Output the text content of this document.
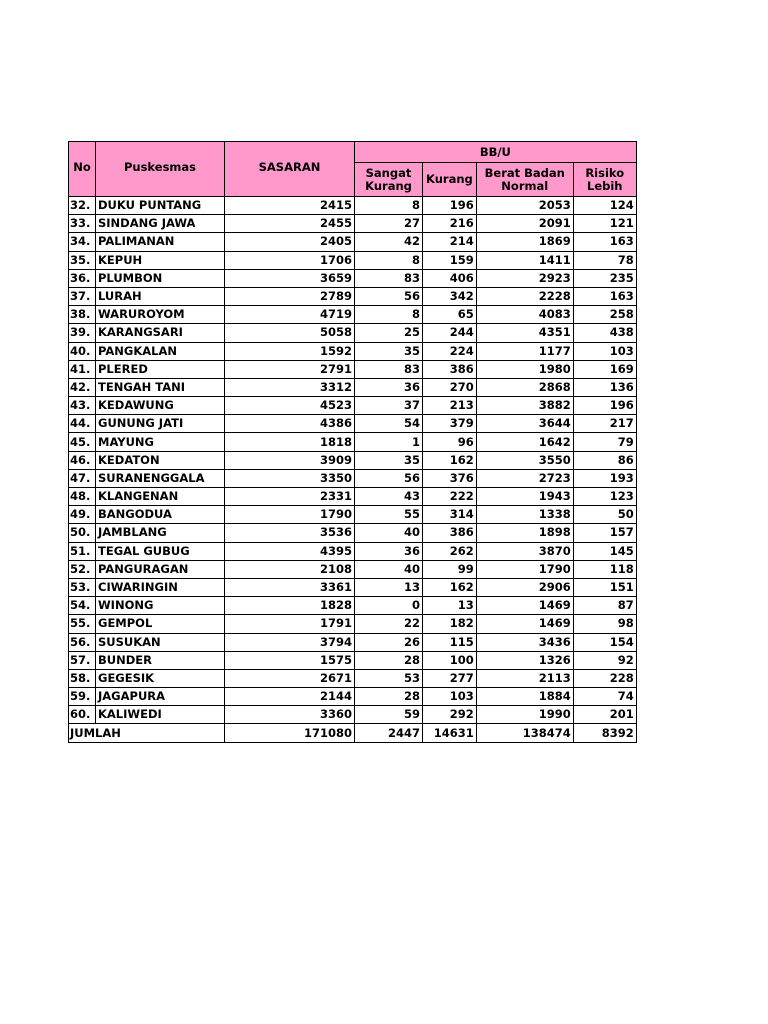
No	Puskesmas	SASARAN	BB/U			
			Sangat Kurang	Kurang	Berat Badan Normal	Risiko Lebih
32.	DUKU PUNTANG	2415	8	196	2053	124
33.	SINDANG JAWA	2455	27	216	2091	121
34.	PALIMANAN	2405	42	214	1869	163
35.	KEPUH	1706	8	159	1411	78
36.	PLUMBON	3659	83	406	2923	235
37.	LURAH	2789	56	342	2228	163
38.	WARUROYOM	4719	8	65	4083	258
39.	KARANGSARI	5058	25	244	4351	438
40.	PANGKALAN	1592	35	224	1177	103
41.	PLERED	2791	83	386	1980	169
42.	TENGAH TANI	3312	36	270	2868	136
43.	KEDAWUNG	4523	37	213	3882	196
44.	GUNUNG JATI	4386	54	379	3644	217
45.	MAYUNG	1818	1	96	1642	79
46.	KEDATON	3909	35	162	3550	86
47.	SURANENGGALA	3350	56	376	2723	193
48.	KLANGENAN	2331	43	222	1943	123
49.	BANGODUA	1790	55	314	1338	50
50.	JAMBLANG	3536	40	386	1898	157
51.	TEGAL GUBUG	4395	36	262	3870	145
52.	PANGURAGAN	2108	40	99	1790	118
53.	CIWARINGIN	3361	13	162	2906	151
54.	WINONG	1828	0	13	1469	87
55.	GEMPOL	1791	22	182	1469	98
56.	SUSUKAN	3794	26	115	3436	154
57.	BUNDER	1575	28	100	1326	92
58.	GEGESIK	2671	53	277	2113	228
59.	JAGAPURA	2144	28	103	1884	74
60.	KALIWEDI	3360	59	292	1990	201
JUMLAH		171080	2447	14631	138474	8392
